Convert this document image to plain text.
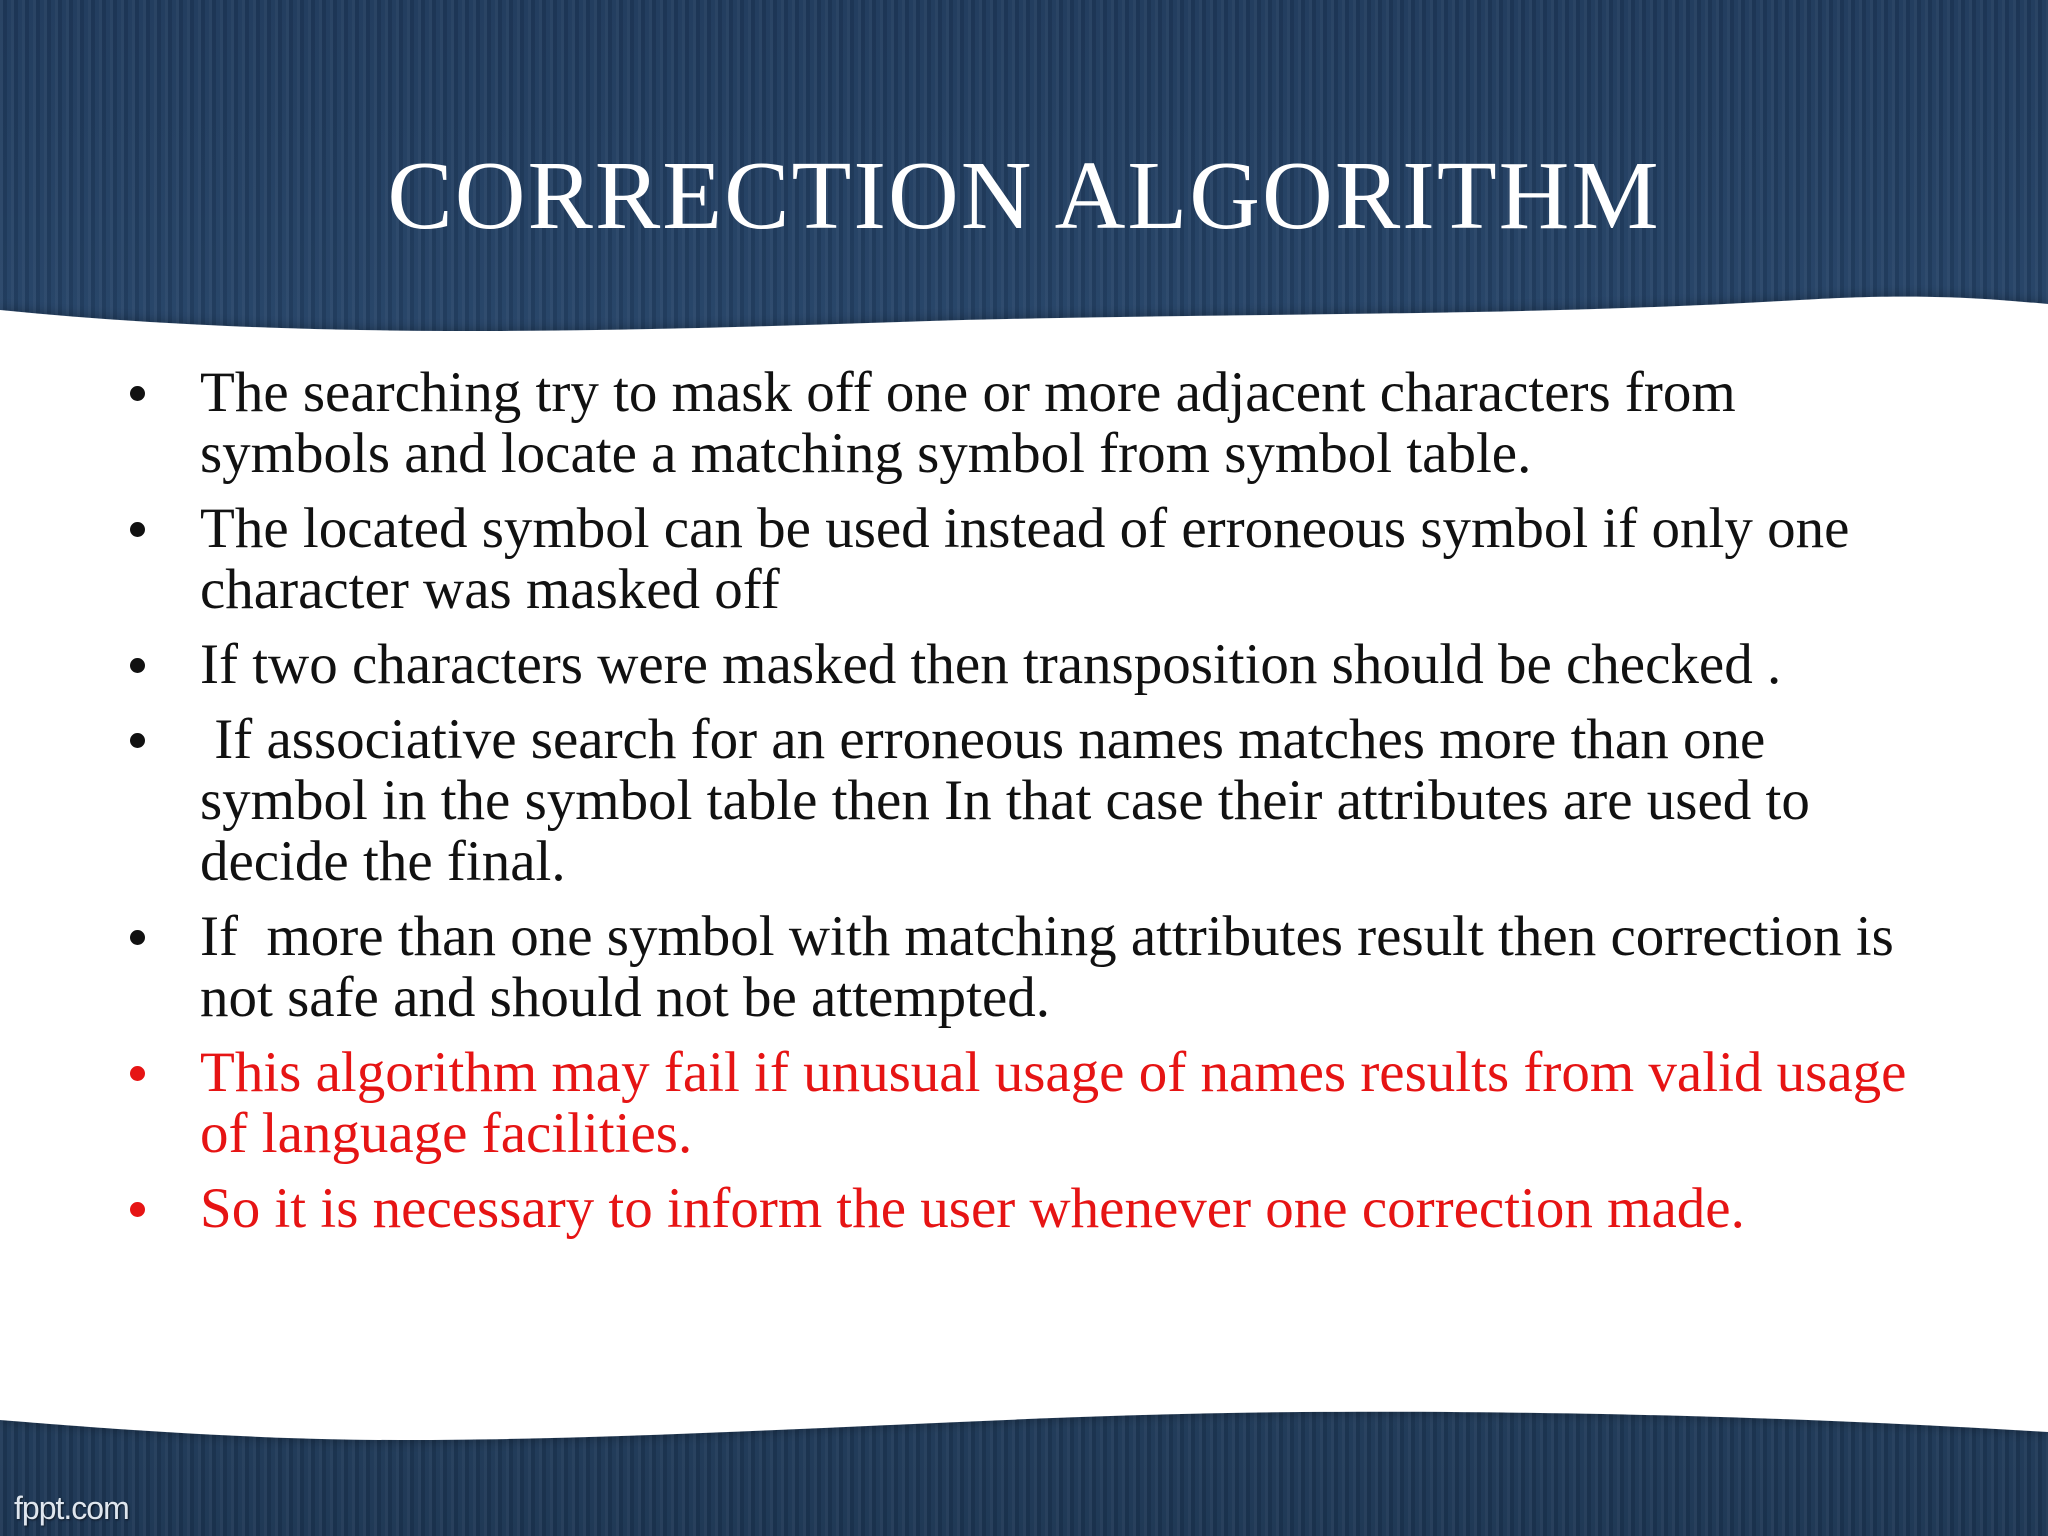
CORRECTION ALGORITHM
The searching try to mask off one or more adjacent characters from symbols and locate a matching symbol from symbol table.
The located symbol can be used instead of erroneous symbol if only one character was masked off
If two characters were masked then transposition should be checked .
If associative search for an erroneous names matches more than one symbol in the symbol table then In that case their attributes are used to decide the final.
If  more than one symbol with matching attributes result then correction is not safe and should not be attempted.
This algorithm may fail if unusual usage of names results from valid usage of language facilities.
So it is necessary to inform the user whenever one correction made.
fppt.com
